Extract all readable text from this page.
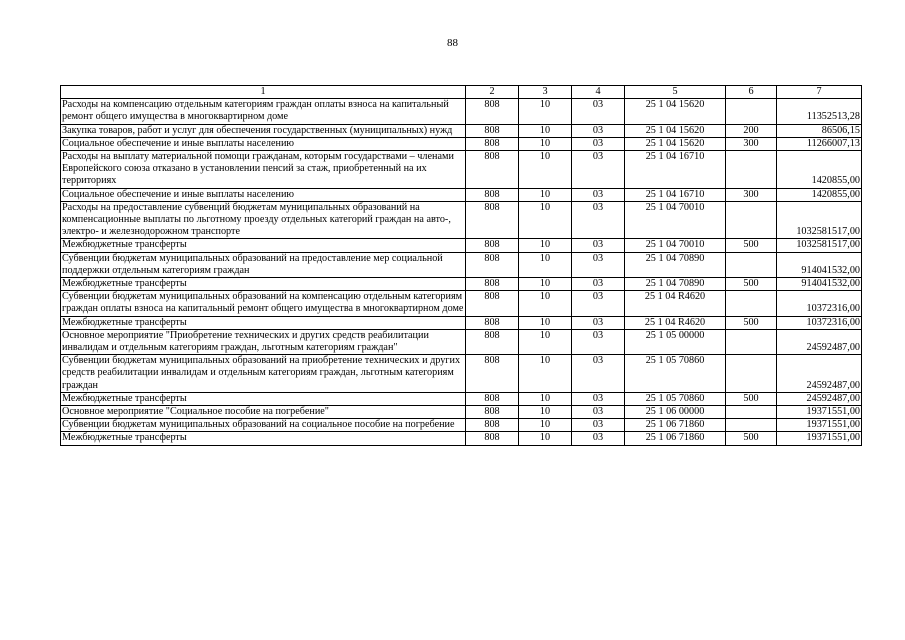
88
1	2	3	4	5	6	7
Расходы на компенсацию отдельным категориям граждан оплаты взноса на капитальный ремонт общего имущества в многоквартирном доме	808	10	03	25 1 04 15620		11352513,28
Закупка товаров, работ и услуг для обеспечения государственных (муниципальных) нужд	808	10	03	25 1 04 15620	200	86506,15
Социальное обеспечение и иные выплаты населению	808	10	03	25 1 04 15620	300	11266007,13
Расходы на выплату материальной помощи гражданам, которым государствами – членами Европейского союза отказано в установлении пенсий за стаж, приобретенный на их территориях	808	10	03	25 1 04 16710		1420855,00
Социальное обеспечение и иные выплаты населению	808	10	03	25 1 04 16710	300	1420855,00
Расходы на предоставление субвенций бюджетам муниципальных образований на компенсационные выплаты по льготному проезду отдельных категорий граждан на авто-, электро- и железнодорожном транспорте	808	10	03	25 1 04 70010		1032581517,00
Межбюджетные трансферты	808	10	03	25 1 04 70010	500	1032581517,00
Субвенции бюджетам муниципальных образований на предоставление мер социальной поддержки отдельным категориям граждан	808	10	03	25 1 04 70890		914041532,00
Межбюджетные трансферты	808	10	03	25 1 04 70890	500	914041532,00
Субвенции бюджетам муниципальных образований на компенсацию отдельным категориям граждан оплаты взноса на капитальный ремонт общего имущества в многоквартирном доме	808	10	03	25 1 04 R4620		10372316,00
Межбюджетные трансферты	808	10	03	25 1 04 R4620	500	10372316,00
Основное мероприятие "Приобретение технических и других средств реабилитации инвалидам и отдельным категориям граждан, льготным категориям граждан"	808	10	03	25 1 05 00000		24592487,00
Субвенции бюджетам муниципальных образований на приобретение технических и других средств реабилитации инвалидам и отдельным категориям граждан, льготным категориям граждан	808	10	03	25 1 05 70860		24592487,00
Межбюджетные трансферты	808	10	03	25 1 05 70860	500	24592487,00
Основное мероприятие "Социальное пособие на погребение"	808	10	03	25 1 06 00000		19371551,00
Субвенции бюджетам муниципальных образований на социальное пособие на погребение	808	10	03	25 1 06 71860		19371551,00
Межбюджетные трансферты	808	10	03	25 1 06 71860	500	19371551,00
